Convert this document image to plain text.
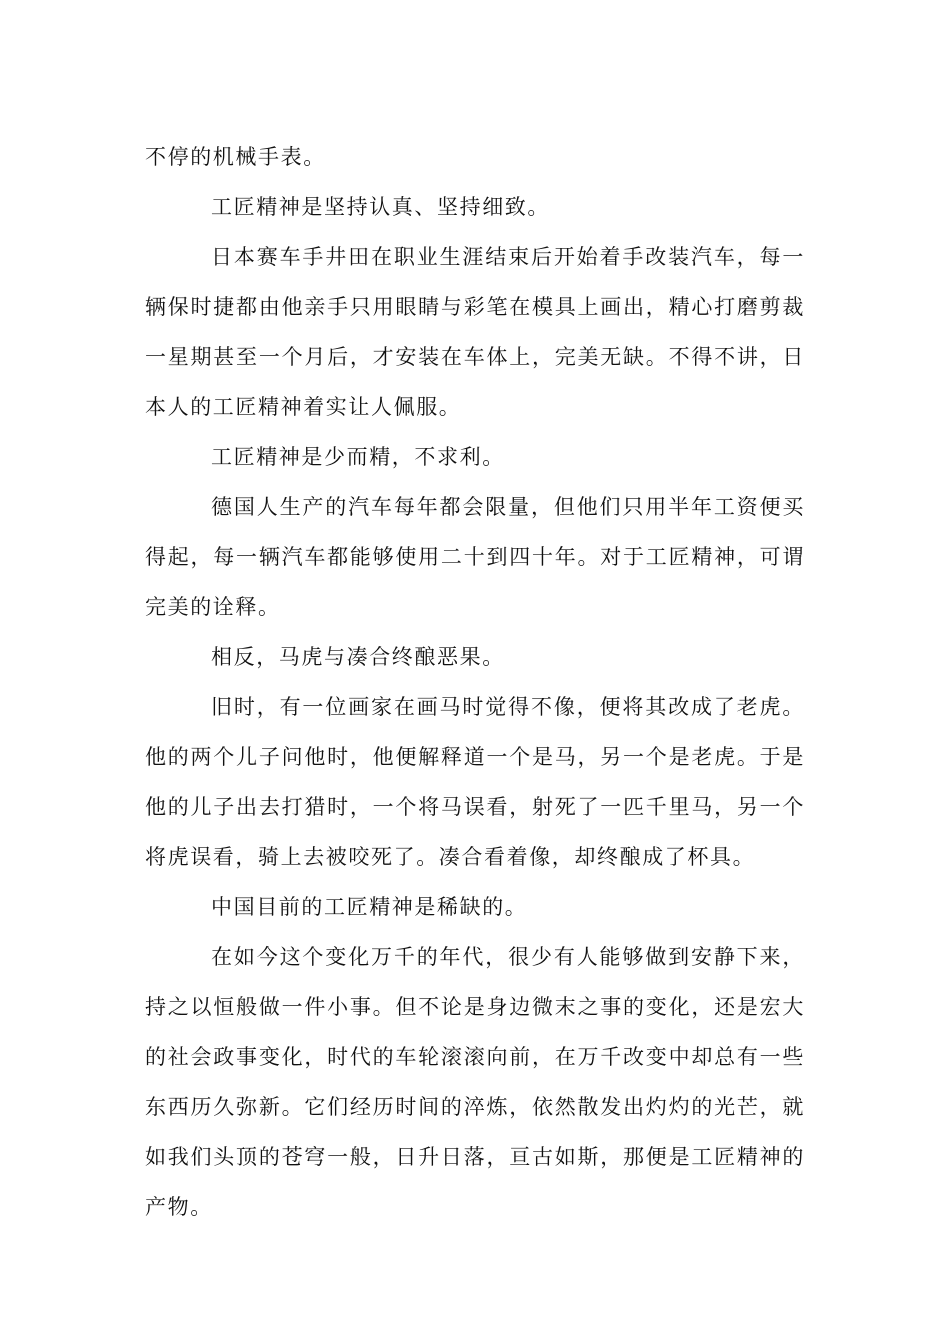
不停的机械手表。

工匠精神是坚持认真、坚持细致。

日本赛车手井田在职业生涯结束后开始着手改装汽车，每一辆保时捷都由他亲手只用眼睛与彩笔在模具上画出，精心打磨剪裁一星期甚至一个月后，才安装在车体上，完美无缺。不得不讲，日本人的工匠精神着实让人佩服。

工匠精神是少而精，不求利。

德国人生产的汽车每年都会限量，但他们只用半年工资便买得起，每一辆汽车都能够使用二十到四十年。对于工匠精神，可谓完美的诠释。

相反，马虎与凑合终酿恶果。

旧时，有一位画家在画马时觉得不像，便将其改成了老虎。他的两个儿子问他时，他便解释道一个是马，另一个是老虎。于是他的儿子出去打猎时，一个将马误看，射死了一匹千里马，另一个将虎误看，骑上去被咬死了。凑合看着像，却终酿成了杯具。

中国目前的工匠精神是稀缺的。

在如今这个变化万千的年代，很少有人能够做到安静下来，持之以恒般做一件小事。但不论是身边微末之事的变化，还是宏大的社会政事变化，时代的车轮滚滚向前，在万千改变中却总有一些东西历久弥新。它们经历时间的淬炼，依然散发出灼灼的光芒，就如我们头顶的苍穹一般，日升日落，亘古如斯，那便是工匠精神的产物。
